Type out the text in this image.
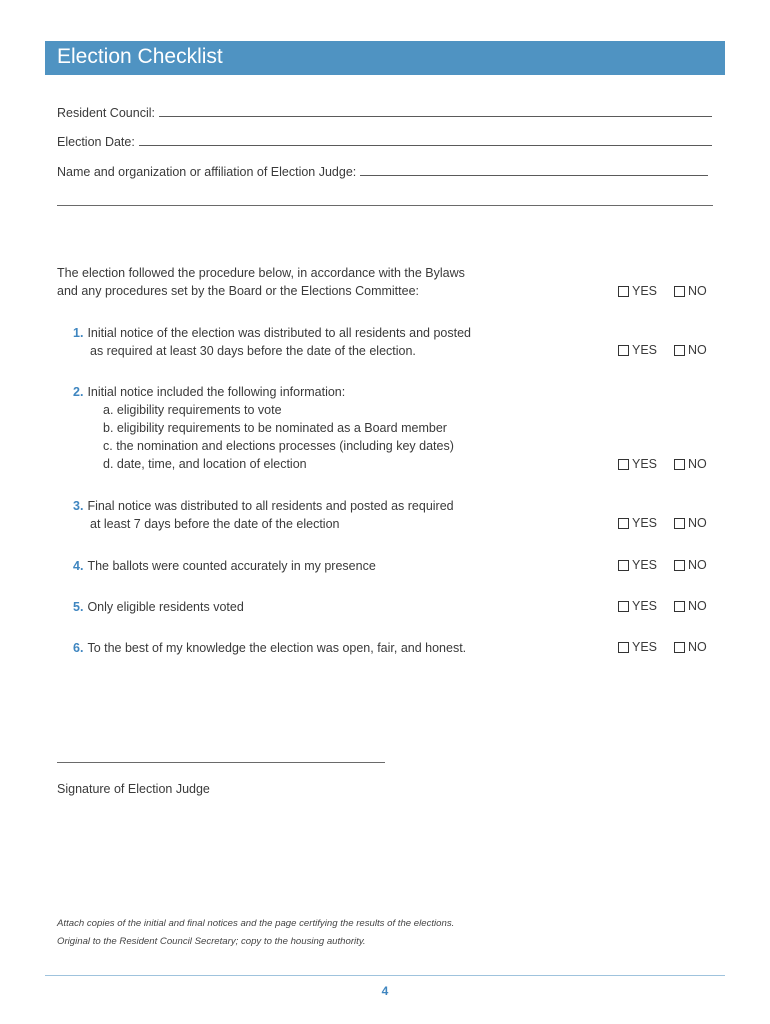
Election Checklist
Resident Council:
Election Date:
Name and organization or affiliation of Election Judge:
The election followed the procedure below, in accordance with the Bylaws
and any procedures set by the Board or the Elections Committee:	YES NO
1. Initial notice of the election was distributed to all residents and posted
as required at least 30 days before the date of the election.	YES NO
2. Initial notice included the following information:
a. eligibility requirements to vote
b. eligibility requirements to be nominated as a Board member
c. the nomination and elections processes (including key dates)
d. date, time, and location of election	YES NO
3. Final notice was distributed to all residents and posted as required
at least 7 days before the date of the election	YES NO
4. The ballots were counted accurately in my presence	YES NO
5. Only eligible residents voted	YES NO
6. To the best of my knowledge the election was open, fair, and honest.	YES NO
Signature of Election Judge
Attach copies of the initial and final notices and the page certifying the results of the elections.
Original to the Resident Council Secretary; copy to the housing authority.
4
